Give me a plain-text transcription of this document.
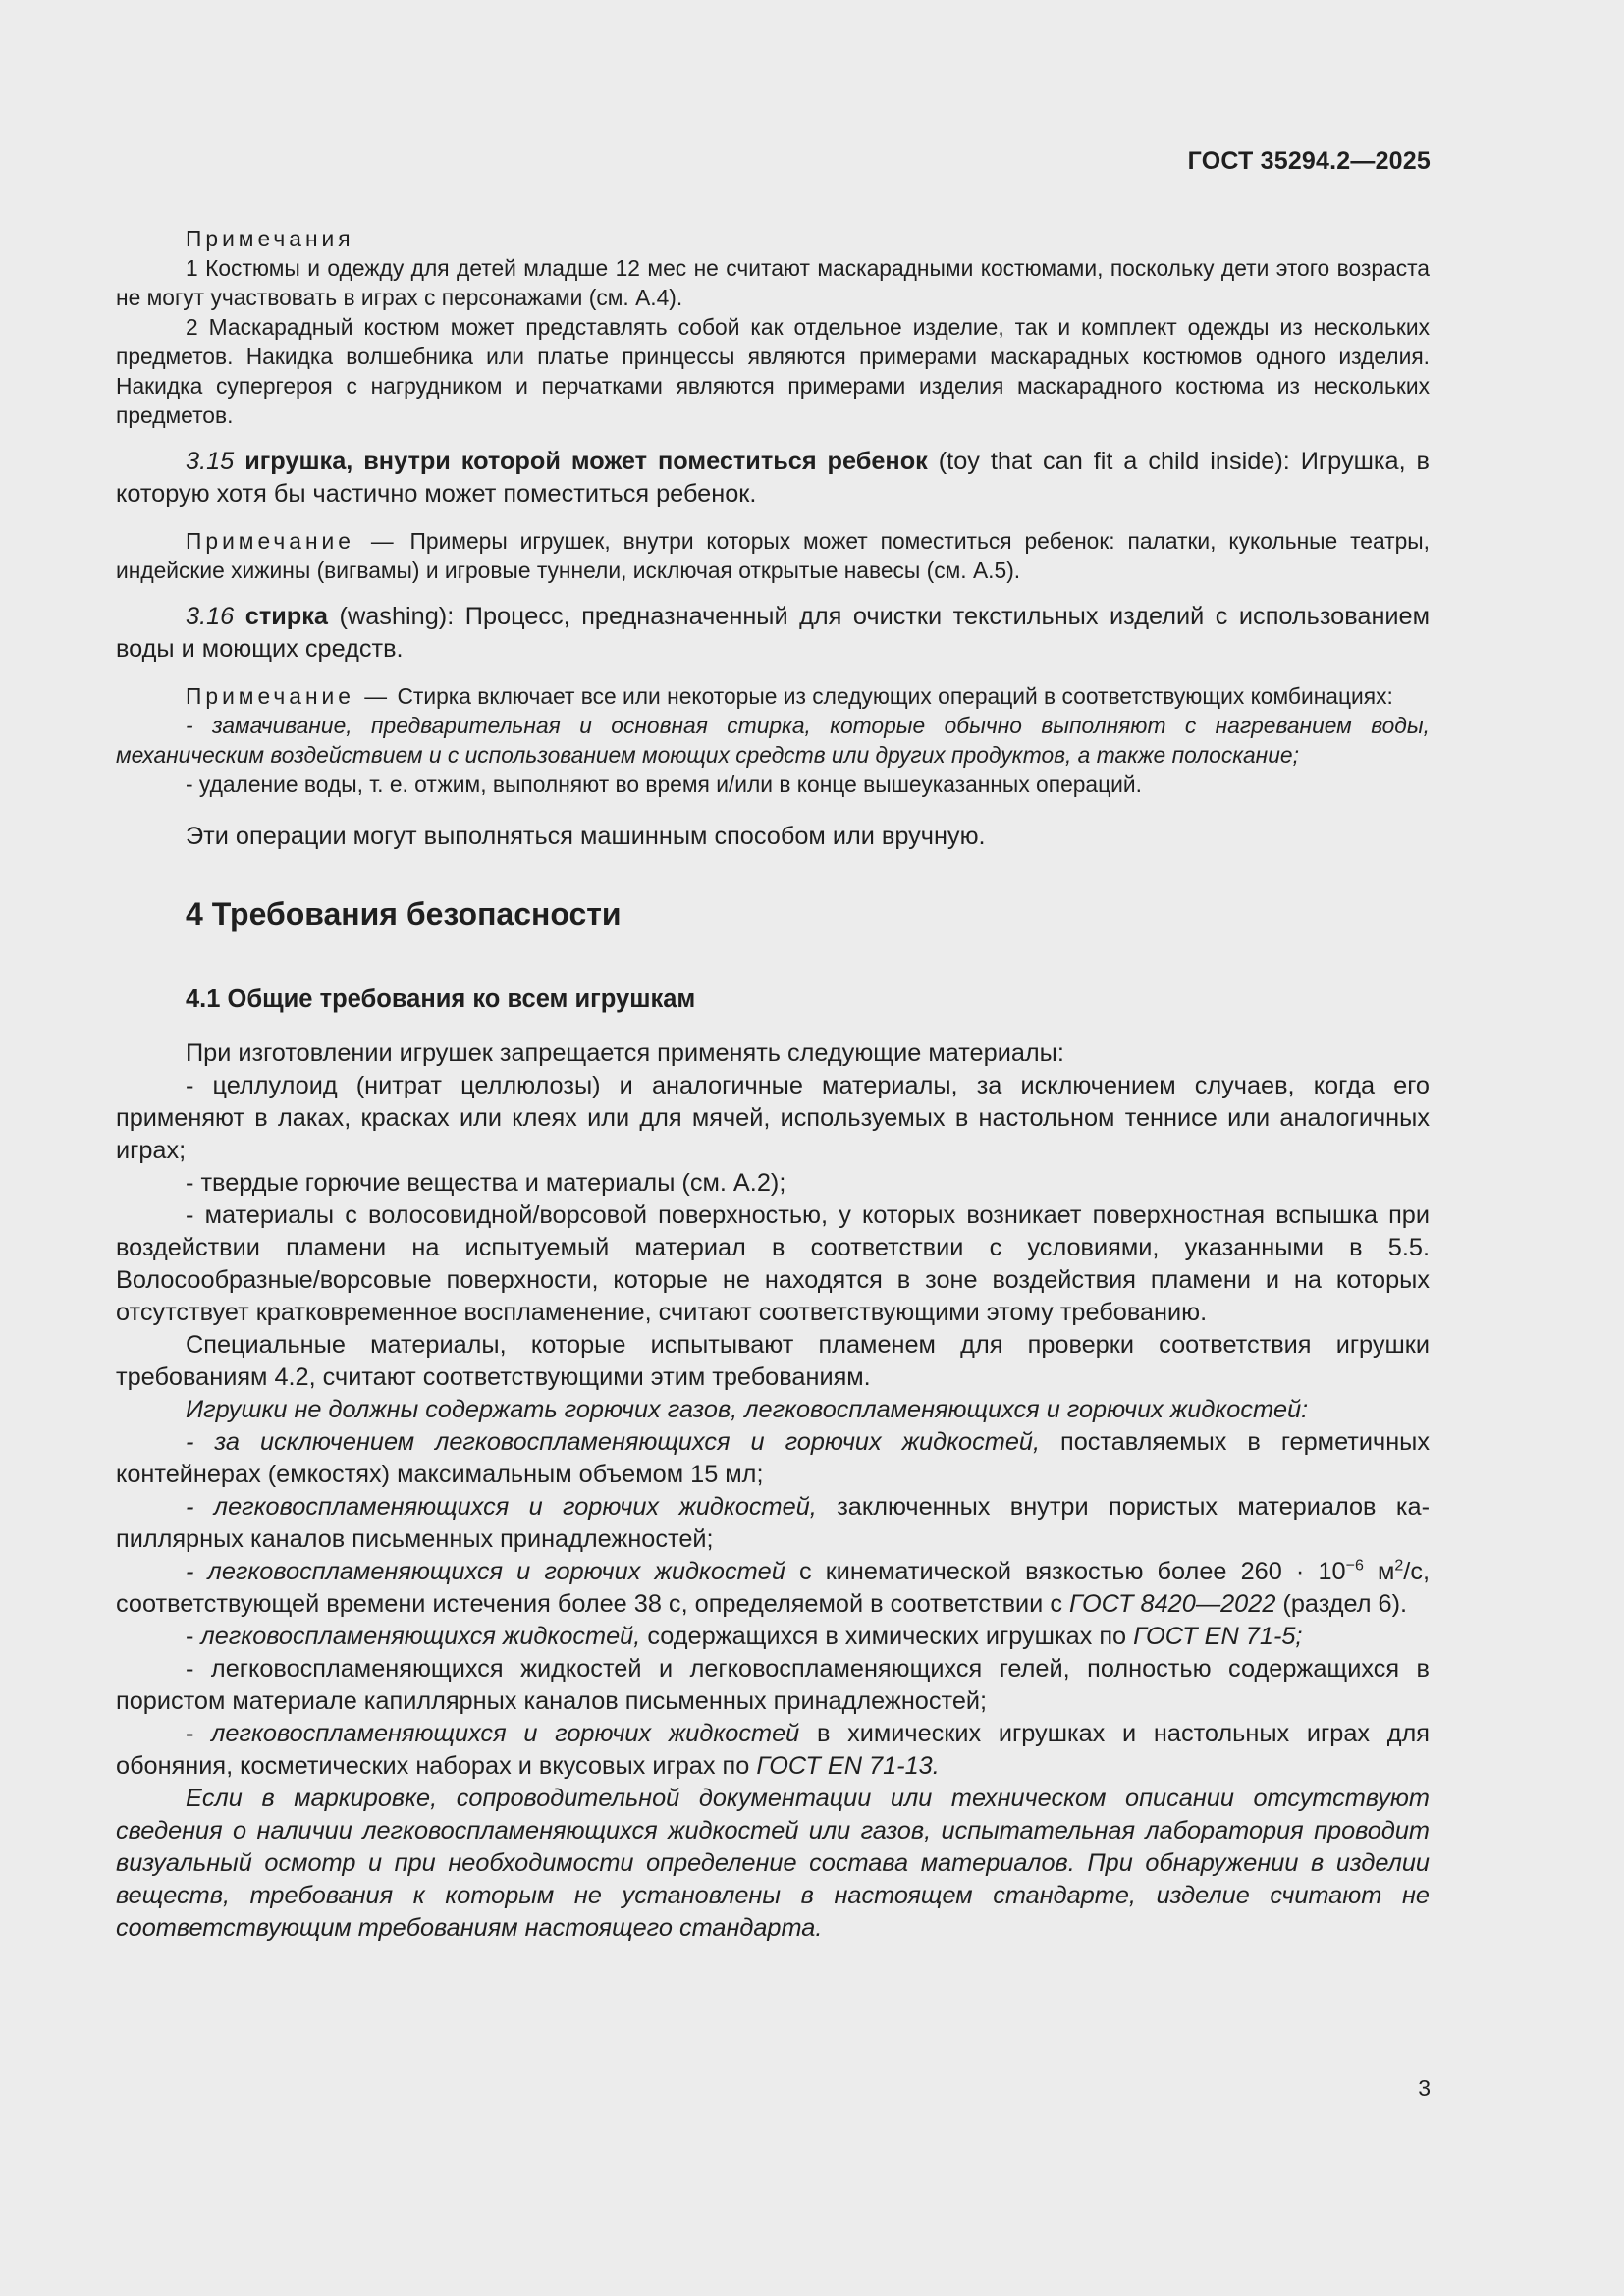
ГОСТ 35294.2—2025

Примечания

1 Костюмы и одежду для детей младше 12 мес не считают маскарадными костюмами, поскольку дети этого возраста не могут участвовать в играх с персонажами (см. А.4).

2 Маскарадный костюм может представлять собой как отдельное изделие, так и комплект одежды из нескольких предметов. Накидка волшебника или платье принцессы являются примерами маскарадных костюмов одного изделия. Накидка супергероя с нагрудником и перчатками являются примерами изделия маскарадного костюма из нескольких предметов.

3.15 игрушка, внутри которой может поместиться ребенок (toy that can fit a child inside): Игрушка, в которую хотя бы частично может поместиться ребенок.

Примечание — Примеры игрушек, внутри которых может поместиться ребенок: палатки, кукольные театры, индейские хижины (вигвамы) и игровые туннели, исключая открытые навесы (см. А.5).

3.16 стирка (washing): Процесс, предназначенный для очистки текстильных изделий с использованием воды и моющих средств.

Примечание — Стирка включает все или некоторые из следующих операций в соответствующих комбинациях:

- замачивание, предварительная и основная стирка, которые обычно выполняют с нагреванием воды, механическим воздействием и с использованием моющих средств или других продуктов, а также полоскание;

- удаление воды, т. е. отжим, выполняют во время и/или в конце вышеуказанных операций.

Эти операции могут выполняться машинным способом или вручную.

4 Требования безопасности
4.1 Общие требования ко всем игрушкам

При изготовлении игрушек запрещается применять следующие материалы:

- целлулоид (нитрат целлюлозы) и аналогичные материалы, за исключением случаев, когда его применяют в лаках, красках или клеях или для мячей, используемых в настольном теннисе или аналогичных играх;

- твердые горючие вещества и материалы (см. А.2);

- материалы с волосовидной/ворсовой поверхностью, у которых возникает поверхностная вспышка при воздействии пламени на испытуемый материал в соответствии с условиями, указанными в 5.5. Волосообразные/ворсовые поверхности, которые не находятся в зоне воздействия пламени и на которых отсутствует кратковременное воспламенение, считают соответствующими этому требованию.

Специальные материалы, которые испытывают пламенем для проверки соответствия игрушки требованиям 4.2, считают соответствующими этим требованиям.

Игрушки не должны содержать горючих газов, легковоспламеняющихся и горючих жидкостей:

- за исключением легковоспламеняющихся и горючих жидкостей, поставляемых в герметичных контейнерах (емкостях) максимальным объемом 15 мл;

- легковоспламеняющихся и горючих жидкостей, заключенных внутри пористых материалов капиллярных каналов письменных принадлежностей;

- легковоспламеняющихся и горючих жидкостей с кинематической вязкостью более $260 \cdot 10^{-6}$ $м^2/с$, соответствующей времени истечения более 38 с, определяемой в соответствии с ГОСТ 8420—2022 (раздел 6).

- легковоспламеняющихся жидкостей, содержащихся в химических игрушках по ГОСТ EN 71-5;

- легковоспламеняющихся жидкостей и легковоспламеняющихся гелей, полностью содержащихся в пористом материале капиллярных каналов письменных принадлежностей;

- легковоспламеняющихся и горючих жидкостей в химических игрушках и настольных играх для обоняния, косметических наборах и вкусовых играх по ГОСТ EN 71-13.

Если в маркировке, сопроводительной документации или техническом описании отсутствуют сведения о наличии легковоспламеняющихся жидкостей или газов, испытательная лаборатория проводит визуальный осмотр и при необходимости определение состава материалов. При обнаружении в изделии веществ, требования к которым не установлены в настоящем стандарте, изделие считают не соответствующим требованиям настоящего стандарта.

3
